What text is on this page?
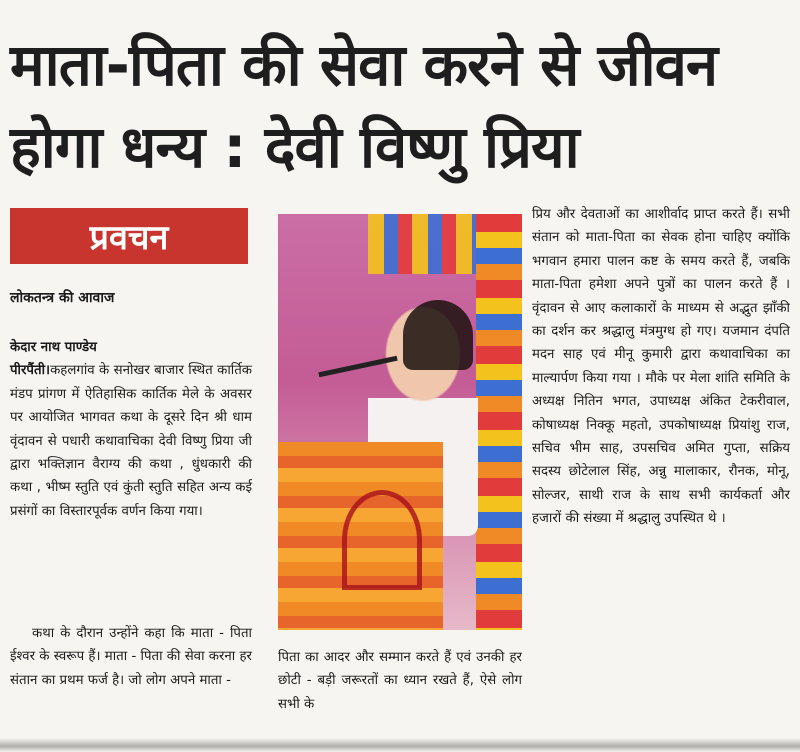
माता-पिता की सेवा करने से जीवन होगा धन्य : देवी विष्णु प्रिया
प्रवचन
लोकतन्त्र की आवाज

केदार नाथ पाण्डेय

पीरपैंती।कहलगांव के सनोखर बाजार स्थित कार्तिक मंडप प्रांगण में ऐतिहासिक कार्तिक मेले के अवसर पर आयोजित भागवत कथा के दूसरे दिन श्री धाम वृंदावन से पधारी कथावाचिका देवी विष्णु प्रिया जी द्वारा भक्तिज्ञान वैराग्य की कथा , धुंधकारी की कथा , भीष्म स्तुति एवं कुंती स्तुति सहित अन्य कई प्रसंगों का विस्तारपूर्वक वर्णन किया गया।

कथा के दौरान उन्होंने कहा कि माता - पिता ईश्वर के स्वरूप हैं। माता - पिता की सेवा करना हर संतान का प्रथम फर्ज है। जो लोग अपने माता -

पिता का आदर और सम्मान करते हैं एवं उनकी हर छोटी - बड़ी जरूरतों का ध्यान रखते हैं, ऐसे लोग सभी के

प्रिय और देवताओं का आशीर्वाद प्राप्त करते हैं। सभी संतान को माता-पिता का सेवक होना चाहिए क्योंकि भगवान हमारा पालन कष्ट के समय करते हैं, जबकि माता-पिता हमेशा अपने पुत्रों का पालन करते हैं । वृंदावन से आए कलाकारों के माध्यम से अद्भुत झाँकी का दर्शन कर श्रद्धालु मंत्रमुग्ध हो गए। यजमान दंपति मदन साह एवं मीनू कुमारी द्वारा कथावाचिका का माल्यार्पण किया गया । मौके पर मेला शांति समिति के अध्यक्ष नितिन भगत, उपाध्यक्ष अंकित टेकरीवाल, कोषाध्यक्ष निक्कू महतो, उपकोषाध्यक्ष प्रियांशु राज, सचिव भीम साह, उपसचिव अमित गुप्ता, सक्रिय सदस्य छोटेलाल सिंह, अन्नु मालाकार, रौनक, मोनू, सोल्जर, साथी राज के साथ सभी कार्यकर्ता और हजारों की संख्या में श्रद्धालु उपस्थित थे ।
